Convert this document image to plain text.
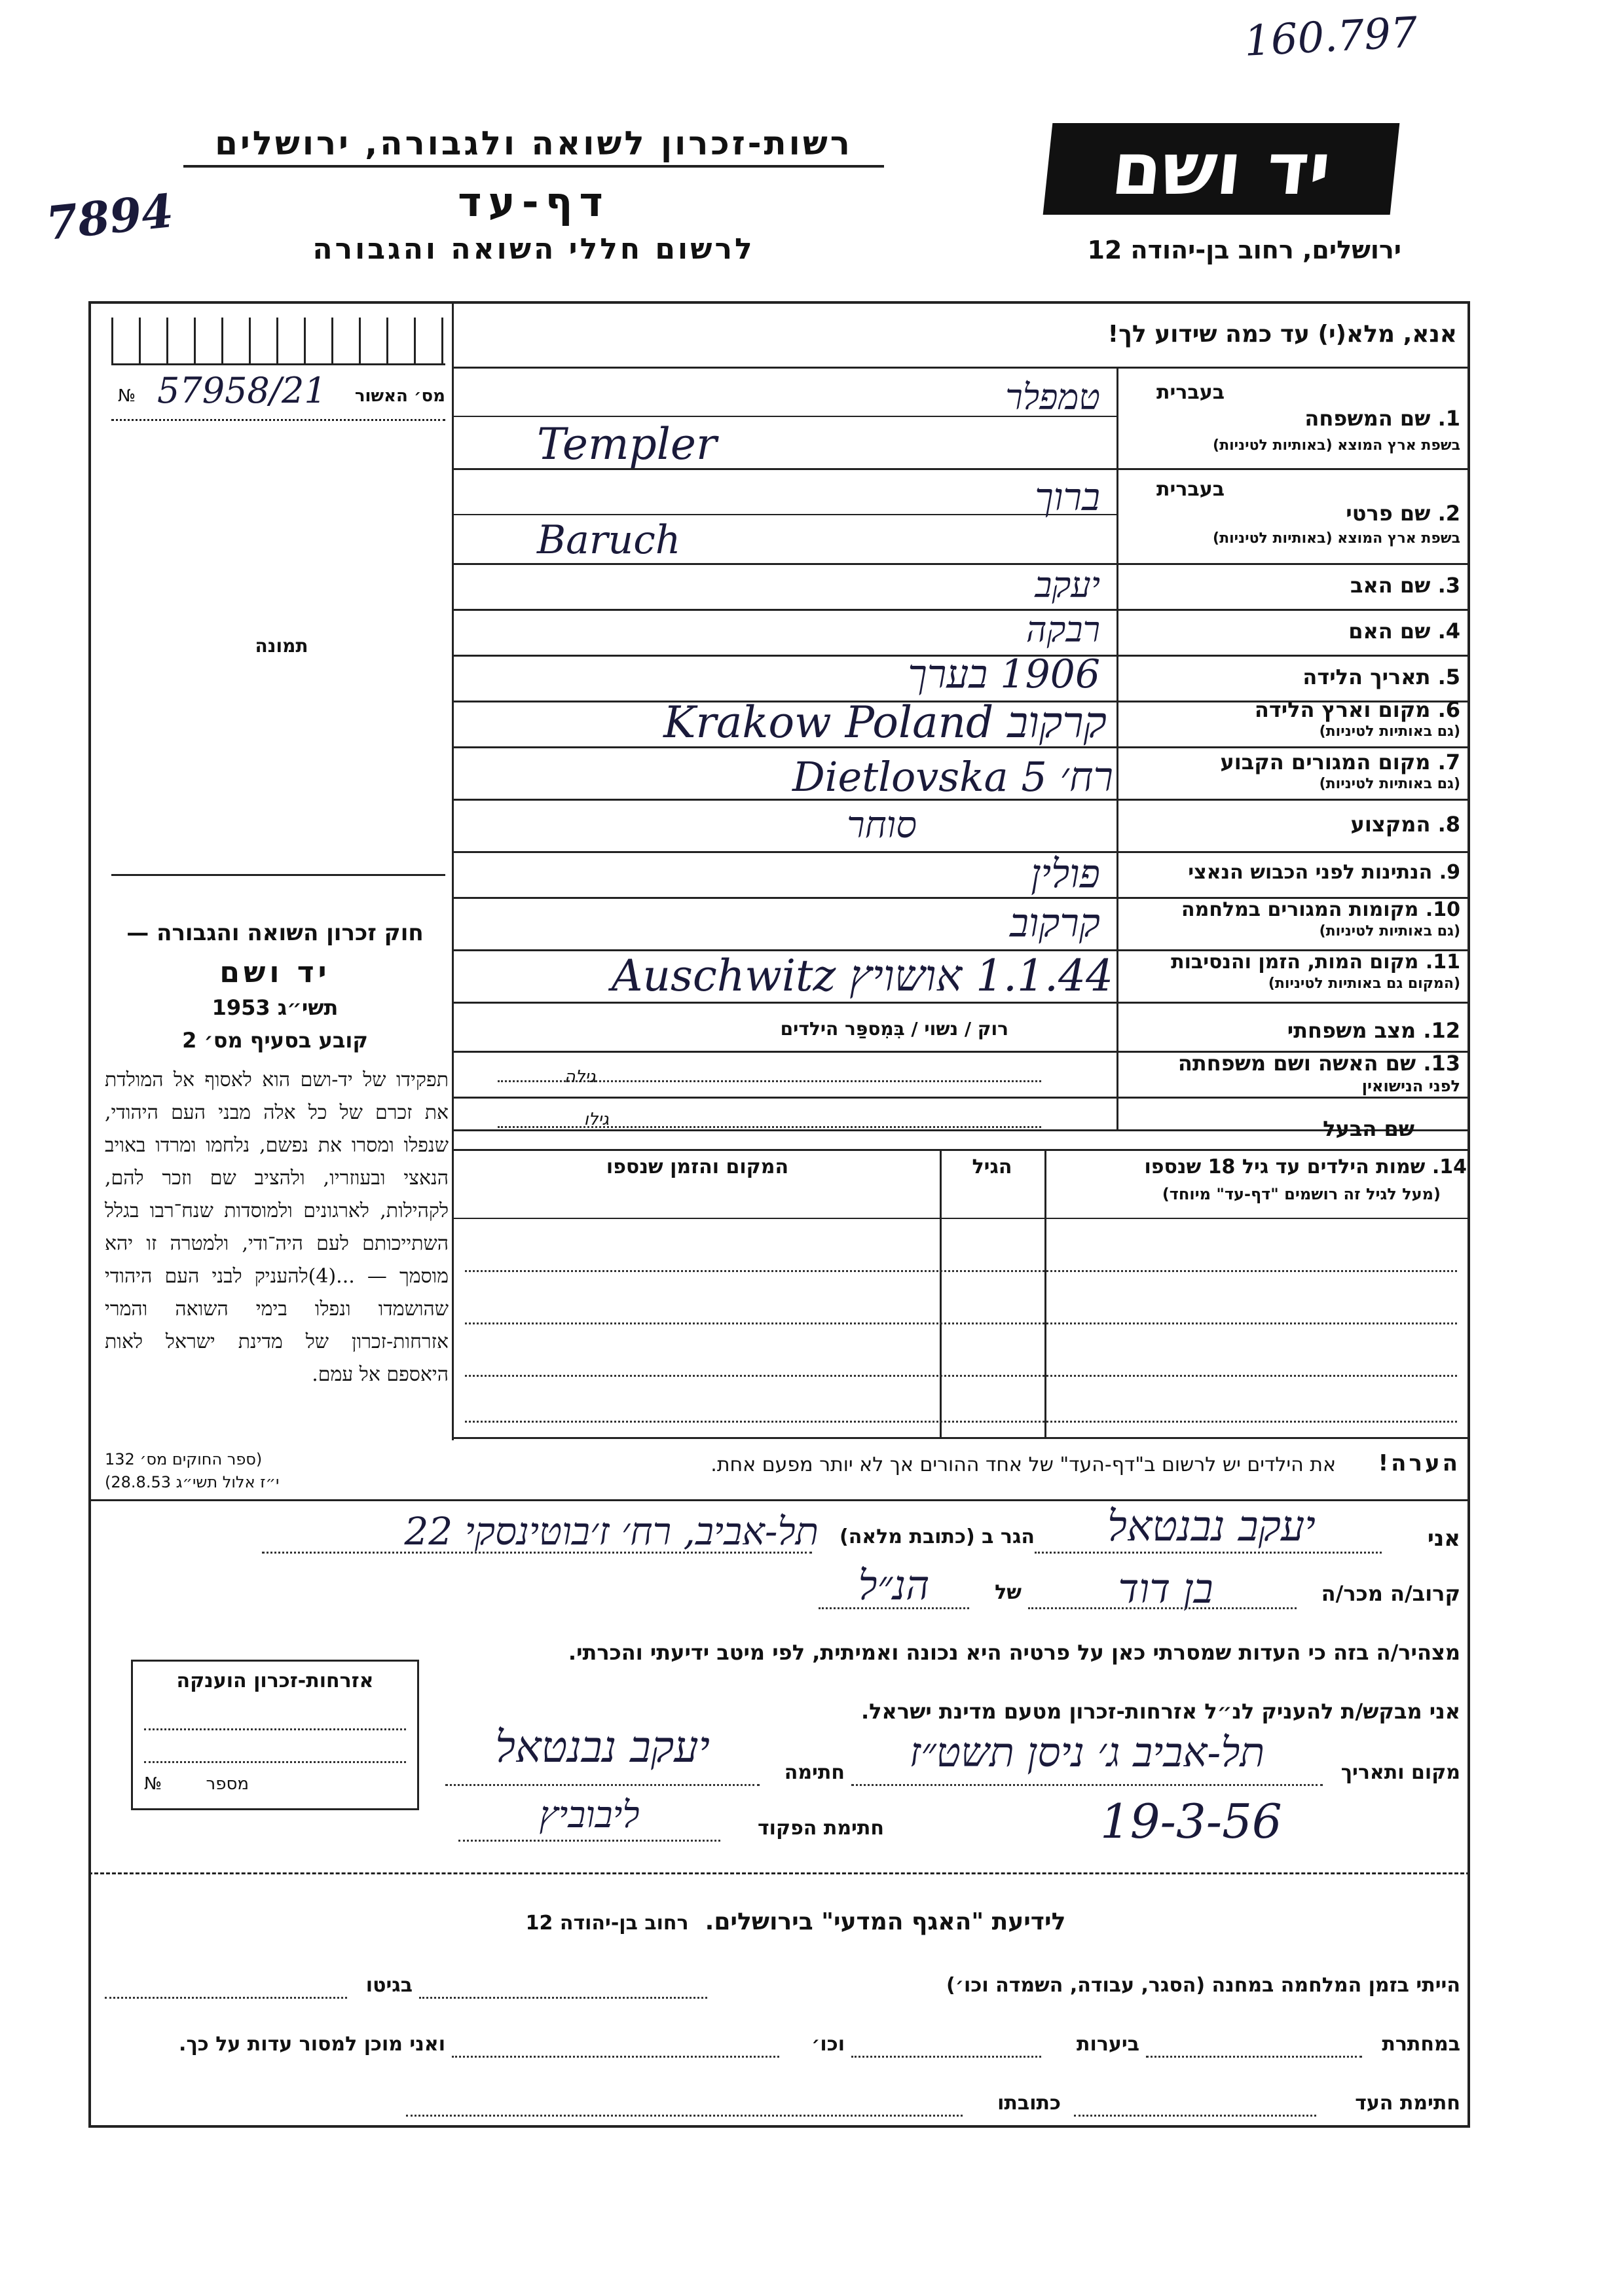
160.797
7894
רשות-זכרון לשואה ולגבורה, ירושלים
דף-עד
לרשום חללי השואה והגבורה
יד ושם
ירושלים, רחוב בן-יהודה 12
אנא, מלא(י) עד כמה שידוע לך!
מס׳ האשור
№ 57958/21
תמונה
חוק זכרון השואה והגבורה —
יד ושם
תשי״ג 1953
קובע בסעיף מס׳ 2
תפקידו של יד-ושם הוא לאסוף אל המולדת את זכרם של כל אלה מבני העם היהודי, שנפלו ומסרו את נפשם, נלחמו ומרדו באויב הנאצי ובעוזריו, ולהציב שם וזכר להם, לקהילות, לארגונים ולמוסדות שנח־רבו בגלל השתייכותם לעם היה־ודי, ולמטרה זו יהא מוסמך — ...(4)להעניק לבני העם היהודי שהושמדו ונפלו בימי השואה והמרי אזרחות-זכרון של מדינת ישראל לאות היאספם אל עמם.
(ספר החוקים מס׳ 132
י״ז אלול תשי״ג 28.8.53)
בעברית
1. שם המשפחה
בשפת ארץ המוצא (באותיות לטיניות)
טמפלר
Templer
בעברית
2. שם פרטי
בשפת ארץ המוצא (באותיות לטיניות)
ברוך
Baruch
3. שם האב
יעקב
4. שם האם
רבקה
5. תאריך הלידה
1906 בערך
6. מקום וארץ הלידה
(גם באותיות לטיניות)
קרקוב Krakow Poland
7. מקום המגורים הקבוע
(גם באותיות לטיניות)
רח׳ Dietlovska 5
8. המקצוע
סוחר
9. הנתינות לפני הכבוש הנאצי
פולין
10. מקומות המגורים במלחמה
(גם באותיות לטיניות)
קרקוב
11. מקום המות, הזמן והנסיבות
(המקום גם באותיות לטיניות)
1.1.44 אושויץ Auschwitz
12. מצב משפחתי
רוק / נשוי / בִּמִספַּר הילדים
13. שם האשה ושם משפחתה
לפני הנישואין
גילה
שם הבעל
גילו
14. שמות הילדים עד גיל 18 שנספו
(מעל לגיל זה רושמים "דף-עד" מיוחד)
הגיל
המקום והזמן שנספו
הערה!
את הילדים יש לרשום ב"דף-העד" של אחד ההורים אך לא יותר מפעם אחת.
אני
יעקב נבנטאל
הגר ב (כתובת מלאה)
תל-אביב, רח׳ ז׳בוטינסקי 22
קרוב/ה מכר/ה
בן דוד
של
הנ״ל
מצהיר/ה בזה כי העדות שמסרתי כאן על פרטיה היא נכונה ואמיתית, לפי מיטב ידיעתי והכרתי.
אזרחות-זכרון הוענקה
מספר
№
אני מבקש/ת להעניק לנ״ל אזרחות-זכרון מטעם מדינת ישראל.
מקום ותאריך
תל-אביב ג׳ ניסן תשט״ז
חתימה
יעקב נבנטאל
חתימת הפקוד
ליבוביץ	19-3-56
לידיעת "האגף המדעי" בירושלים.  רחוב בן-יהודה 12
הייתי בזמן המלחמה במחנה (הסגר, עבודה, השמדה וכו׳)
בגיטו
במחתרת
ביערות
וכו׳
ואני מוכן למסור עדות על כך.
חתימת העד
כתובתו
